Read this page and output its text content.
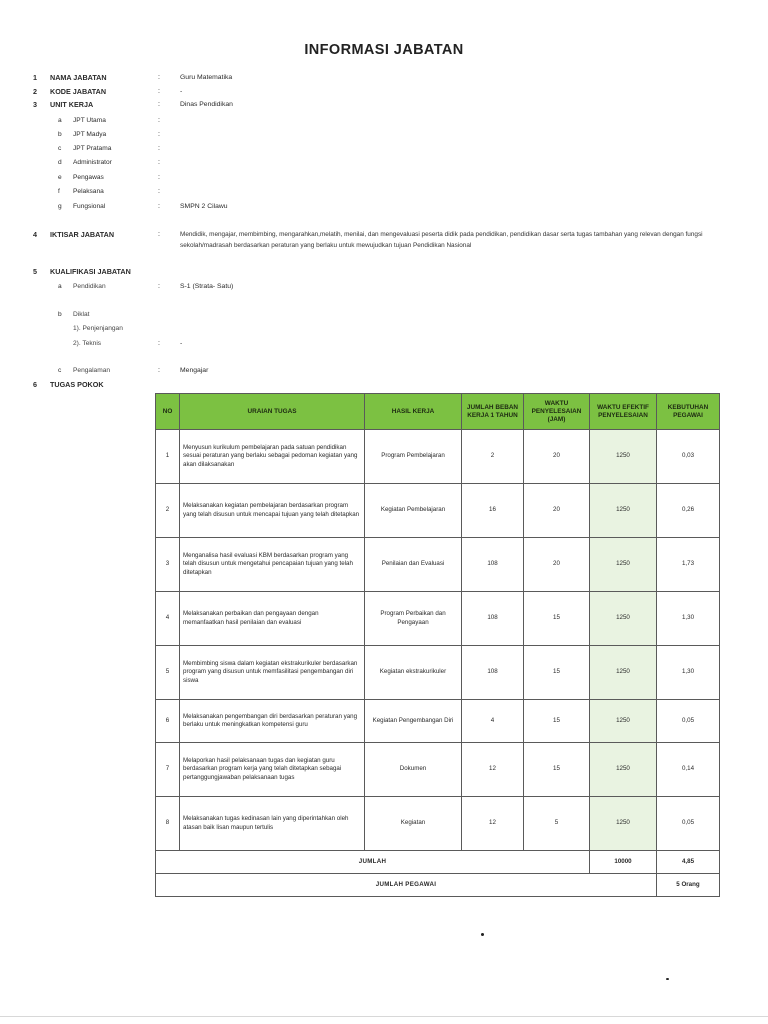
INFORMASI JABATAN
1	NAMA JABATAN	:	Guru Matematika
2	KODE JABATAN	:	-
3	UNIT KERJA	:	Dinas Pendidikan
a	JPT Utama	:
b	JPT Madya	:
c	JPT Pratama	:
d	Administrator	:
e	Pengawas	:
f	Pelaksana	:
g	Fungsional	:	SMPN 2 Cilawu
4	IKTISAR JABATAN	:	Mendidik, mengajar, membimbing, mengarahkan,melatih, menilai, dan mengevaluasi peserta didik pada pendidikan, pendidikan dasar serta tugas tambahan yang relevan dengan fungsi sekolah/madrasah berdasarkan peraturan yang berlaku untuk mewujudkan tujuan Pendidikan Nasional
5	KUALIFIKASI JABATAN
a	Pendidikan	:	S-1 (Strata- Satu)
b	Diklat
1). Penjenjangan
2). Teknis	:	-
c	Pengalaman	:	Mengajar
6	TUGAS POKOK
NO	URAIAN TUGAS	HASIL KERJA	JUMLAH BEBAN KERJA 1 TAHUN	WAKTU PENYELESAIAN (JAM)	WAKTU EFEKTIF PENYELESAIAN	KEBUTUHAN PEGAWAI
1	Menyusun kurikulum pembelajaran pada satuan pendidikan sesuai peraturan yang berlaku sebagai pedoman kegiatan yang akan dilaksanakan	Program Pembelajaran	2	20	1250	0,03
2	Melaksanakan kegiatan pembelajaran berdasarkan program yang telah disusun untuk mencapai tujuan yang telah ditetapkan	Kegiatan Pembelajaran	16	20	1250	0,26
3	Menganalisa hasil evaluasi KBM berdasarkan program yang telah disusun untuk mengetahui pencapaian tujuan yang telah ditetapkan	Penilaian dan Evaluasi	108	20	1250	1,73
4	Melaksanakan perbaikan dan pengayaan dengan memanfaatkan hasil penilaian dan evaluasi	Program Perbaikan dan Pengayaan	108	15	1250	1,30
5	Membimbing siswa dalam kegiatan ekstrakurikuler berdasarkan program yang disusun untuk memfasilitasi pengembangan diri siswa	Kegiatan ekstrakurikuler	108	15	1250	1,30
6	Melaksanakan pengembangan diri berdasarkan peraturan yang berlaku untuk meningkatkan kompetensi guru	Kegiatan Pengembangan Diri	4	15	1250	0,05
7	Melaporkan hasil pelaksanaan tugas dan kegiatan guru berdasarkan program kerja yang telah ditetapkan sebagai pertanggungjawaban pelaksanaan tugas	Dokumen	12	15	1250	0,14
8	Melaksanakan tugas kedinasan lain yang diperintahkan oleh atasan baik lisan maupun tertulis	Kegiatan	12	5	1250	0,05
JUMLAH					10000	4,85
JUMLAH PEGAWAI						5 Orang
